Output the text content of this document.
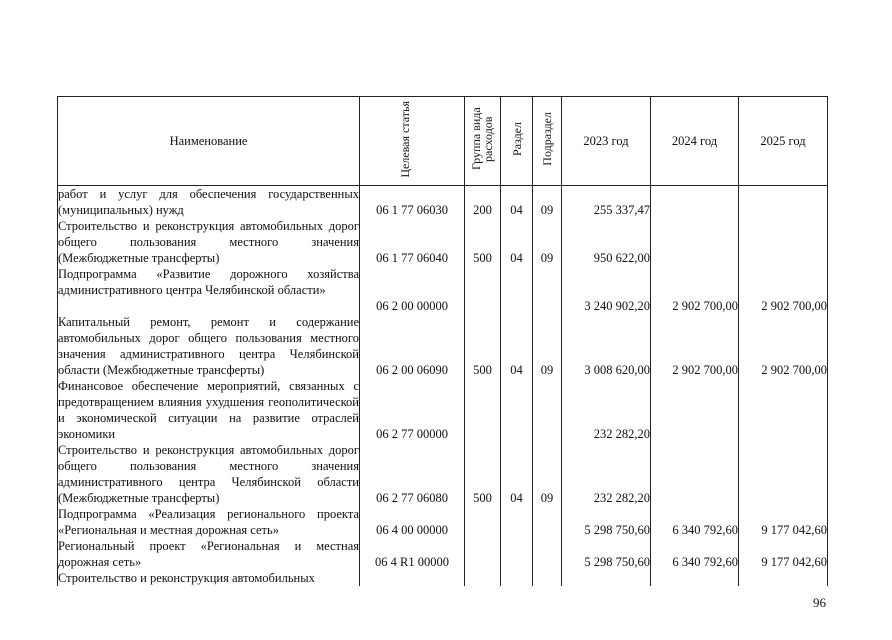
Наименование	Целевая статья	Группа вида расходов	Раздел	Подраздел	2023 год	2024 год	2025 год
работ и услуг для обеспечения государственных (муниципальных) нужд	06 1 77 06030	200	04	09	255 337,47		
Строительство и реконструкция автомобильных дорог общего пользования местного значения (Межбюджетные трансферты)	06 1 77 06040	500	04	09	950 622,00		
Подпрограмма «Развитие дорожного хозяйства административного центра Челябинской области»	06 2 00 00000				3 240 902,20	2 902 700,00	2 902 700,00
Капитальный ремонт, ремонт и содержание автомобильных дорог общего пользования местного значения административного центра Челябинской области (Межбюджетные трансферты)	06 2 00 06090	500	04	09	3 008 620,00	2 902 700,00	2 902 700,00
Финансовое обеспечение мероприятий, связанных с предотвращением влияния ухудшения геополитической и экономической ситуации на развитие отраслей экономики	06 2 77 00000				232 282,20		
Строительство и реконструкция автомобильных дорог общего пользования местного значения административного центра Челябинской области (Межбюджетные трансферты)	06 2 77 06080	500	04	09	232 282,20		
Подпрограмма «Реализация регионального проекта «Региональная и местная дорожная сеть»	06 4 00 00000				5 298 750,60	6 340 792,60	9 177 042,60
Региональный проект «Региональная и местная дорожная сеть»	06 4 R1 00000				5 298 750,60	6 340 792,60	9 177 042,60
Строительство и реконструкция автомобильных							
96
